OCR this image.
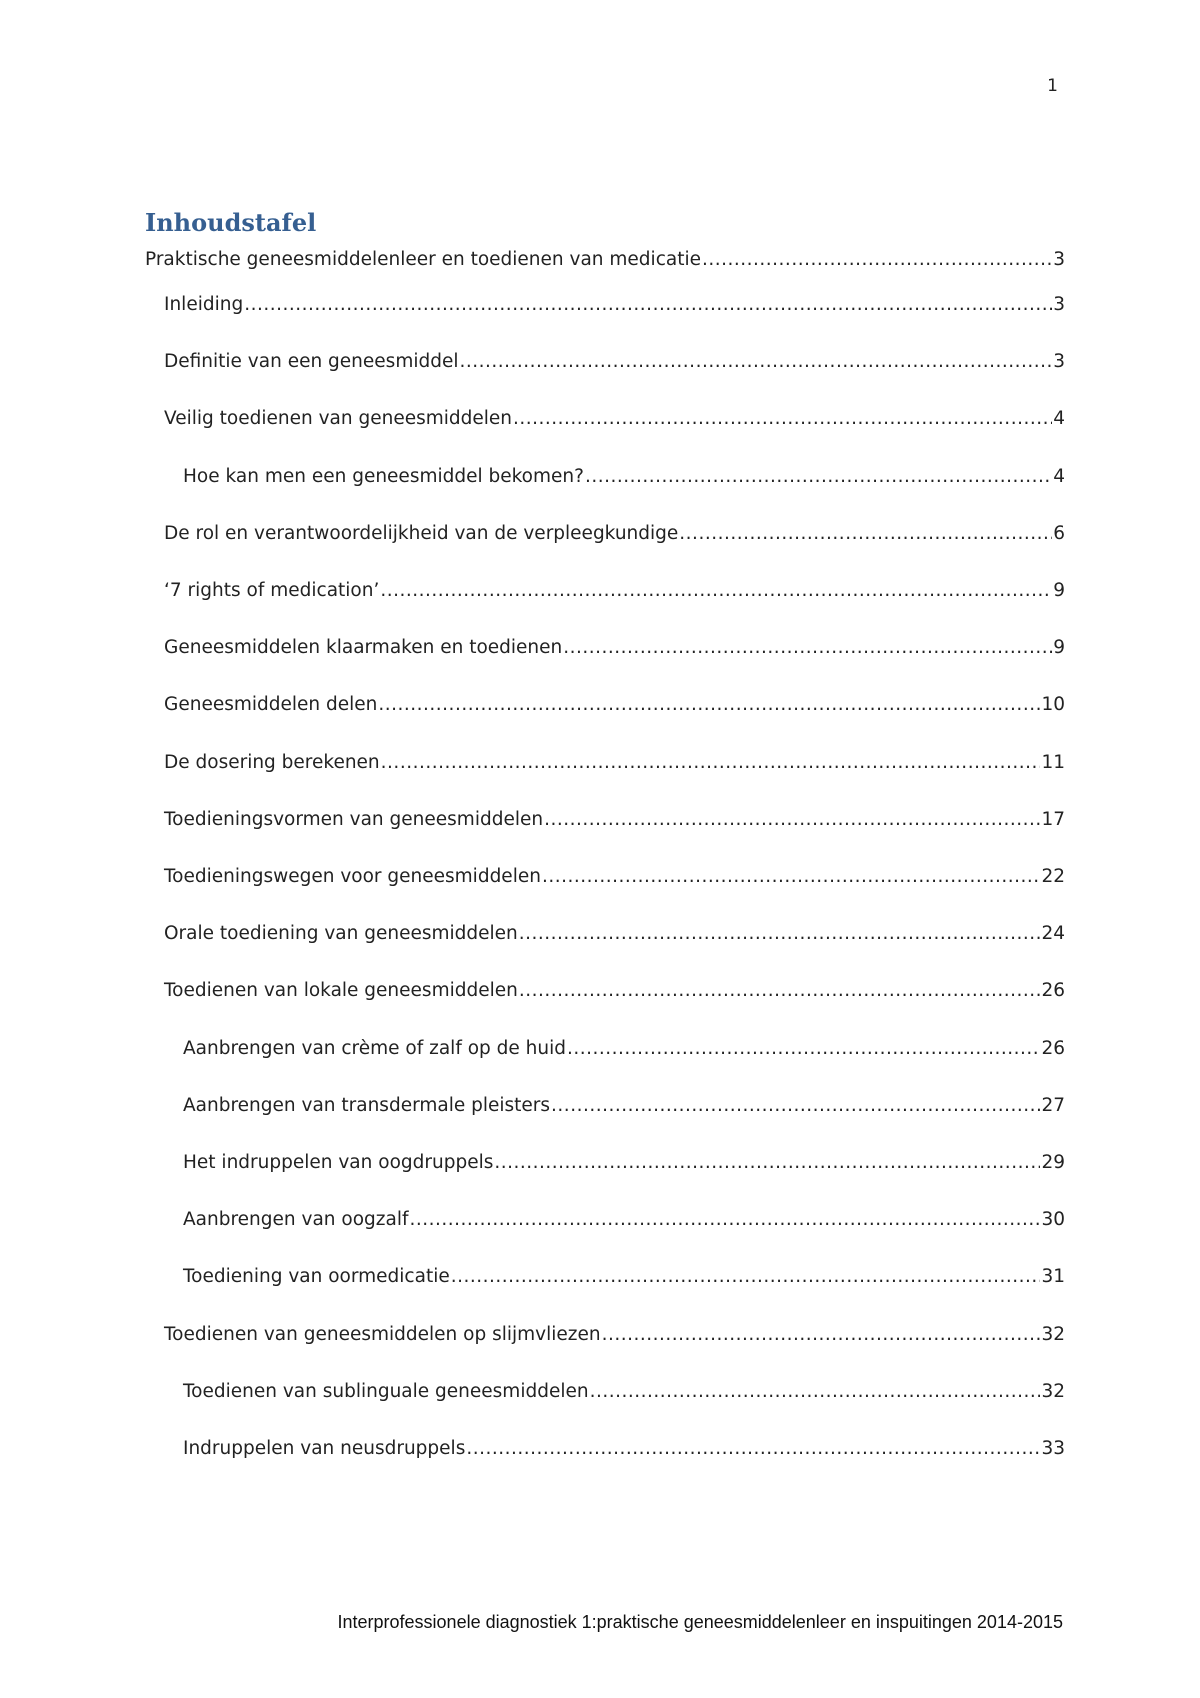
1
Inhoudstafel
Praktische geneesmiddelenleer en toedienen van medicatie .....	3
Inleiding .....	3
Definitie van een geneesmiddel .....	3
Veilig toedienen van geneesmiddelen .....	4
Hoe kan men een geneesmiddel bekomen? .....	4
De rol en verantwoordelijkheid van de verpleegkundige .....	6
‘7 rights of medication’ .....	9
Geneesmiddelen klaarmaken en toedienen .....	9
Geneesmiddelen delen .....	10
De dosering berekenen .....	11
Toedieningsvormen van geneesmiddelen .....	17
Toedieningswegen voor geneesmiddelen .....	22
Orale toediening van geneesmiddelen .....	24
Toedienen van lokale geneesmiddelen .....	26
Aanbrengen van crème of zalf op de huid .....	26
Aanbrengen van transdermale pleisters .....	27
Het indruppelen van oogdruppels .....	29
Aanbrengen van oogzalf .....	30
Toediening van oormedicatie .....	31
Toedienen van geneesmiddelen op slijmvliezen .....	32
Toedienen van sublinguale geneesmiddelen .....	32
Indruppelen van neusdruppels .....	33

Interprofessionele diagnostiek 1:praktische geneesmiddelenleer en inspuitingen 2014-2015
